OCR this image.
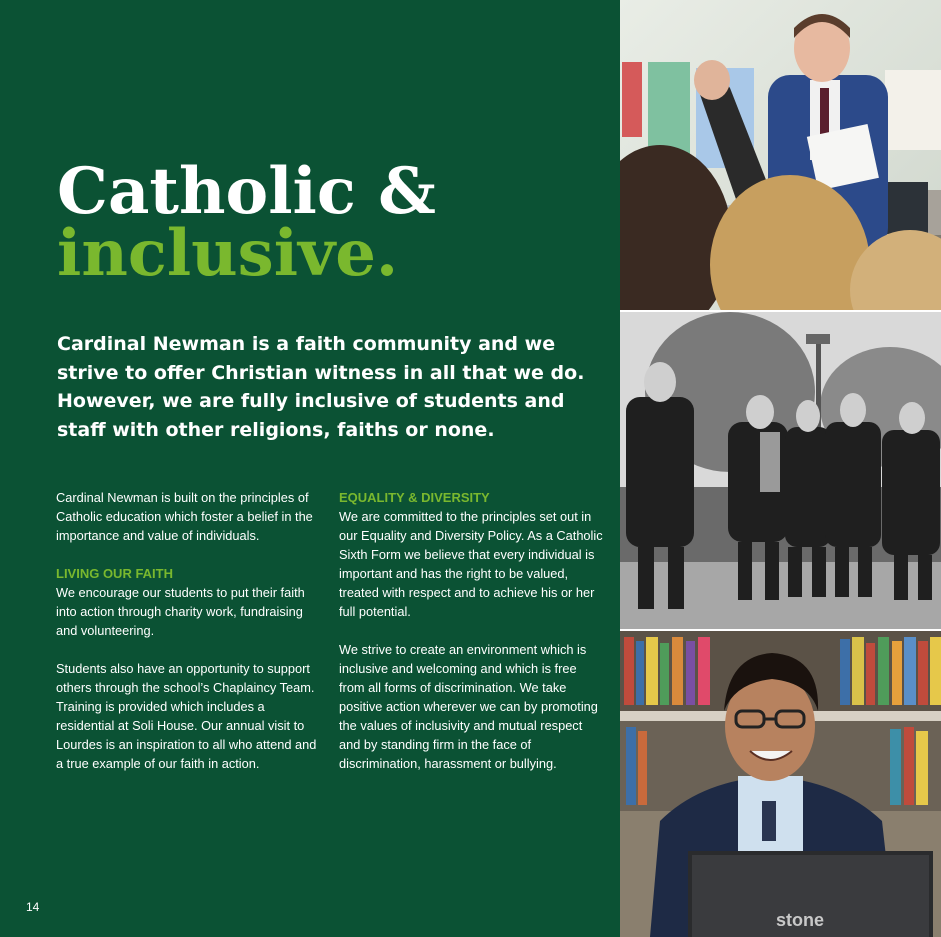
Catholic &
inclusive.

Cardinal Newman is a faith community and we strive to offer Christian witness in all that we do. However, we are fully inclusive of students and staff with other religions, faiths or none.

Cardinal Newman is built on the principles of Catholic education which foster a belief in the importance and value of individuals.

LIVING OUR FAITH

We encourage our students to put their faith into action through charity work, fundraising and volunteering.

Students also have an opportunity to support others through the school’s Chaplaincy Team. Training is provided which includes a residential at Soli House. Our annual visit to Lourdes is an inspiration to all who attend and a true example of our faith in action.

EQUALITY & DIVERSITY

We are committed to the principles set out in our Equality and Diversity Policy. As a Catholic Sixth Form we believe that every individual is important and has the right to be valued, treated with respect and to achieve his or her full potential.

We strive to create an environment which is inclusive and welcoming and which is free from all forms of discrimination. We take positive action wherever we can by promoting the values of inclusivity and mutual respect and by standing firm in the face of discrimination, harassment or bullying.

14
stone
